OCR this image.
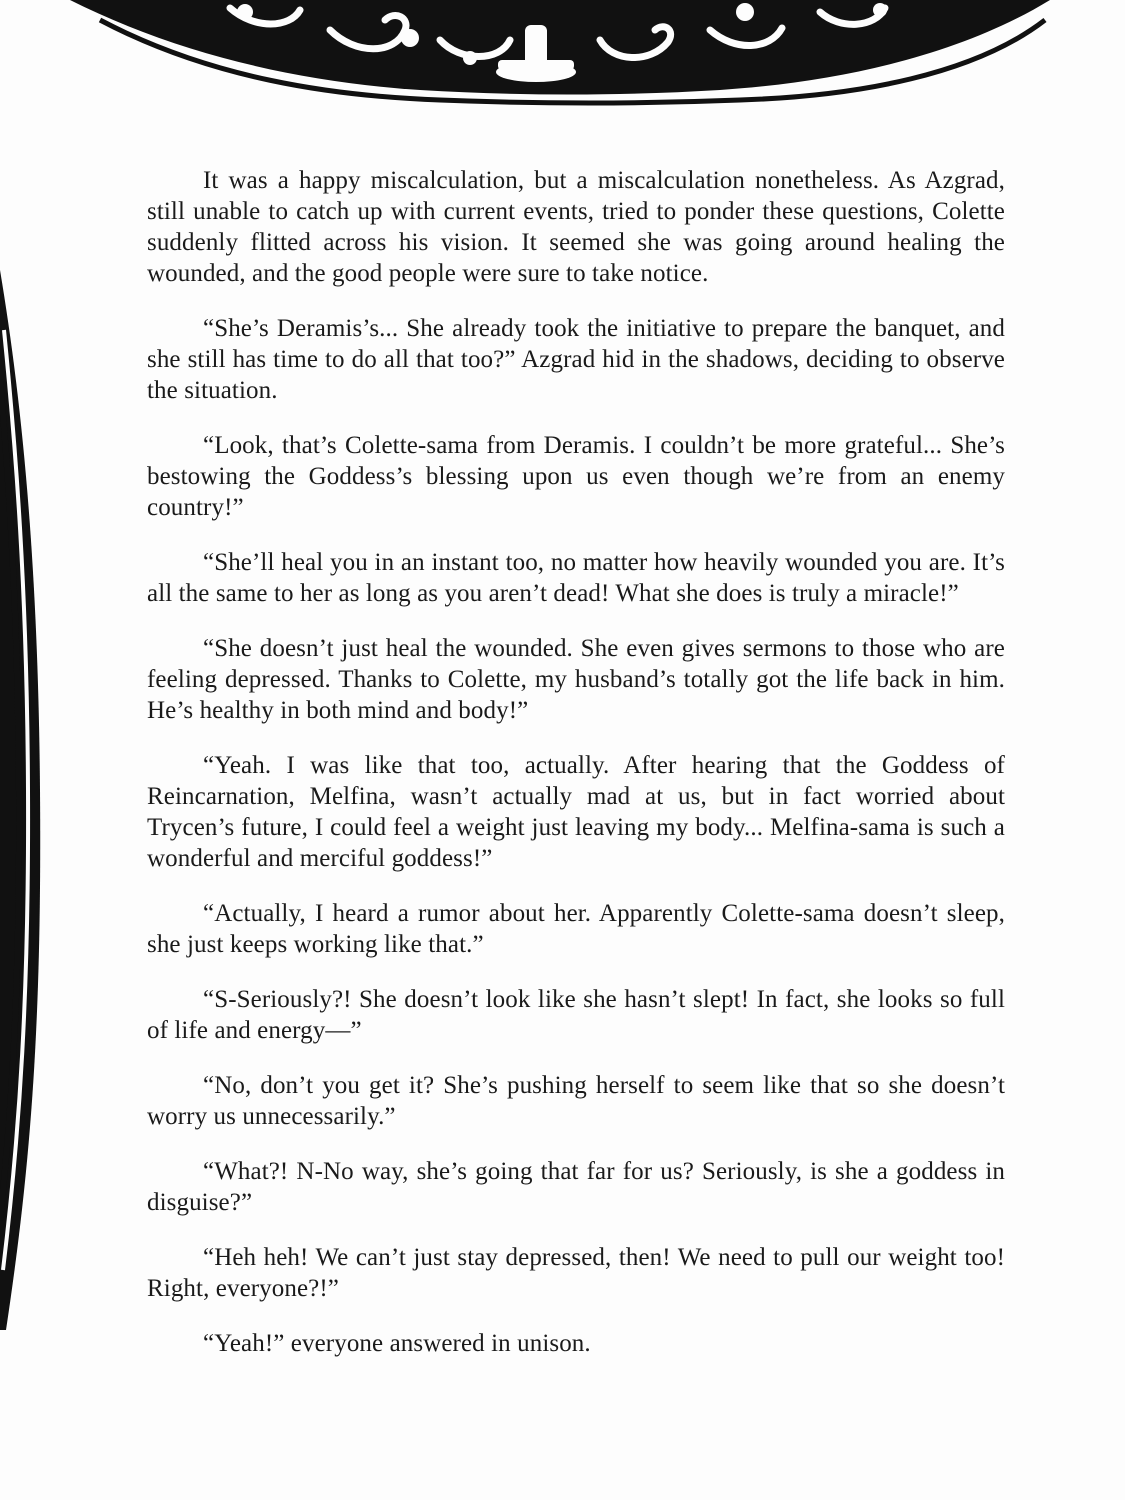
It was a happy miscalculation, but a miscalculation nonetheless. As Azgrad, still unable to catch up with current events, tried to ponder these questions, Colette suddenly flitted across his vision. It seemed she was going around healing the wounded, and the good people were sure to take notice.

“She’s Deramis’s... She already took the initiative to prepare the banquet, and she still has time to do all that too?” Azgrad hid in the shadows, deciding to observe the situation.

“Look, that’s Colette-sama from Deramis. I couldn’t be more grateful... She’s bestowing the Goddess’s blessing upon us even though we’re from an enemy country!”

“She’ll heal you in an instant too, no matter how heavily wounded you are. It’s all the same to her as long as you aren’t dead! What she does is truly a miracle!”

“She doesn’t just heal the wounded. She even gives sermons to those who are feeling depressed. Thanks to Colette, my husband’s totally got the life back in him. He’s healthy in both mind and body!”

“Yeah. I was like that too, actually. After hearing that the Goddess of Reincarnation, Melfina, wasn’t actually mad at us, but in fact worried about Trycen’s future, I could feel a weight just leaving my body... Melfina-sama is such a wonderful and merciful goddess!”

“Actually, I heard a rumor about her. Apparently Colette-sama doesn’t sleep, she just keeps working like that.”

“S-Seriously?! She doesn’t look like she hasn’t slept! In fact, she looks so full of life and energy—”

“No, don’t you get it? She’s pushing herself to seem like that so she doesn’t worry us unnecessarily.”

“What?! N-No way, she’s going that far for us? Seriously, is she a goddess in disguise?”

“Heh heh! We can’t just stay depressed, then! We need to pull our weight too! Right, everyone?!”

“Yeah!” everyone answered in unison.
